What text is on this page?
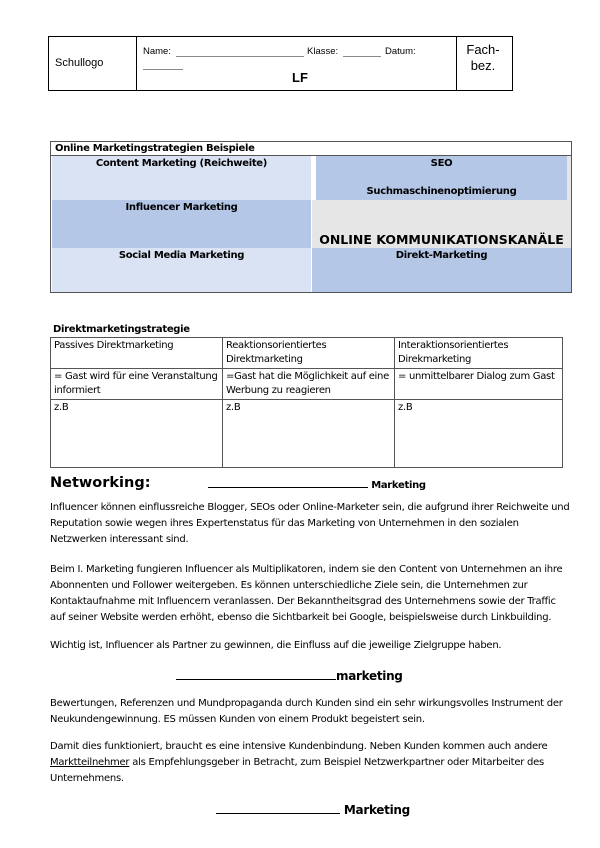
Schullogo
Name:	Klasse:	Datum:
LF
Fach-bez.
Online Marketingstrategien Beispiele
Content Marketing (Reichweite)	SEO
Suchmaschinenoptimierung
Influencer Marketing
ONLINE KOMMUNIKATIONSKANÄLE
Social Media Marketing	Direkt-Marketing
Direktmarketingstrategie
Passives Direktmarketing	Reaktionsorientiertes Direktmarketing	Interaktionsorientiertes Direkmarketing
= Gast wird für eine Veranstaltung informiert	=Gast hat die Möglichkeit auf eine Werbung zu reagieren	= unmittelbarer Dialog zum Gast
z.B	z.B	z.B
Networking:	Marketing
Influencer können einflussreiche Blogger, SEOs oder Online-Marketer sein, die aufgrund ihrer Reichweite und Reputation sowie wegen ihres Expertenstatus für das Marketing von Unternehmen in den sozialen Netzwerken interessant sind.
Beim I. Marketing fungieren Influencer als Multiplikatoren, indem sie den Content von Unternehmen an ihre Abonnenten und Follower weitergeben. Es können unterschiedliche Ziele sein, die Unternehmen zur Kontaktaufnahme mit Influencern veranlassen. Der Bekanntheitsgrad des Unternehmens sowie der Traffic auf seiner Website werden erhöht, ebenso die Sichtbarkeit bei Google, beispielsweise durch Linkbuilding.
Wichtig ist, Influencer als Partner zu gewinnen, die Einfluss auf die jeweilige Zielgruppe haben.
marketing
Bewertungen, Referenzen und Mundpropaganda durch Kunden sind ein sehr wirkungsvolles Instrument der Neukundengewinnung. ES müssen Kunden von einem Produkt begeistert sein.
Damit dies funktioniert, braucht es eine intensive Kundenbindung. Neben Kunden kommen auch andere Marktteilnehmer als Empfehlungsgeber in Betracht, zum Beispiel Netzwerkpartner oder Mitarbeiter des Unternehmens.
Marketing
